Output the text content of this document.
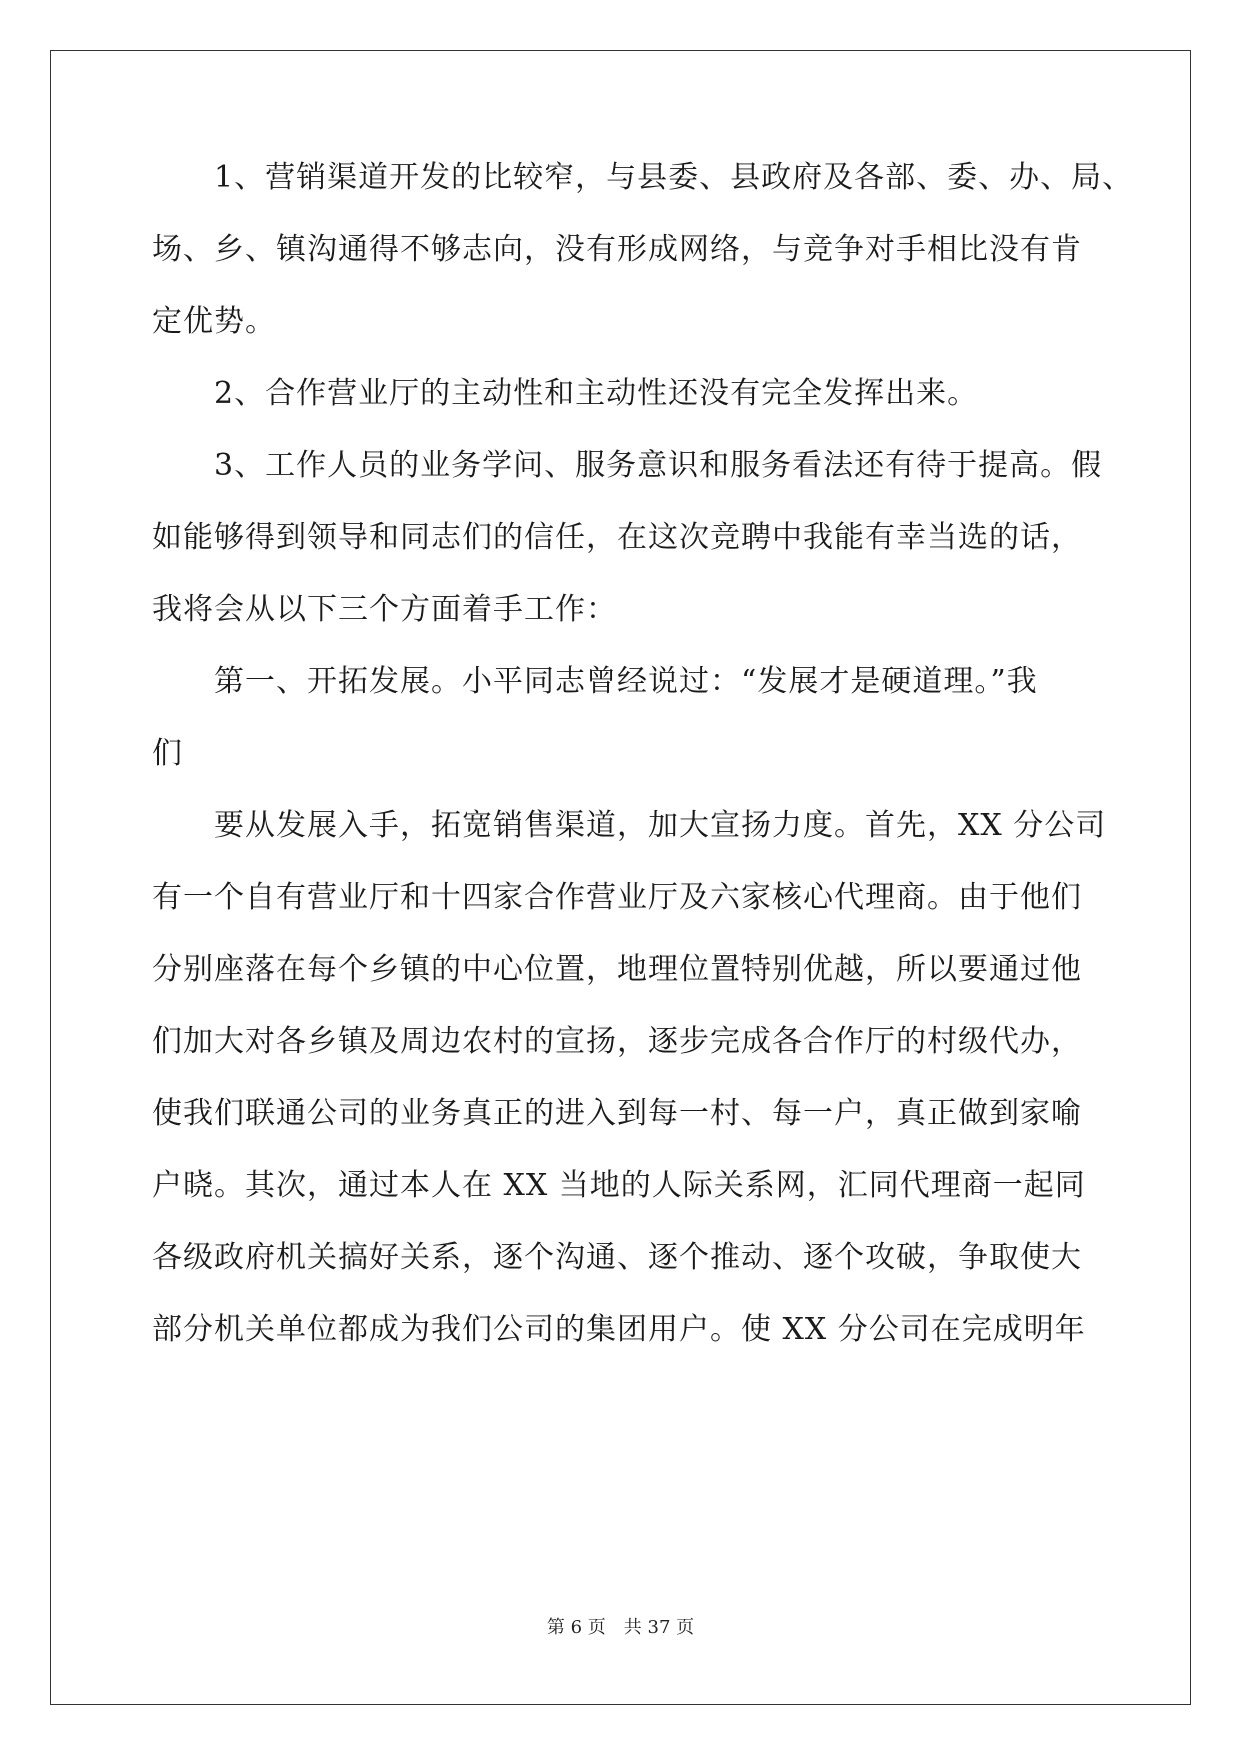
　　1、营销渠道开发的比较窄，与县委、县政府及各部、委、办、局、
场、乡、镇沟通得不够志向，没有形成网络，与竞争对手相比没有肯
定优势。
　　2、合作营业厅的主动性和主动性还没有完全发挥出来。
　　3、工作人员的业务学问、服务意识和服务看法还有待于提高。假
如能够得到领导和同志们的信任，在这次竞聘中我能有幸当选的话，
我将会从以下三个方面着手工作：
　　第一、开拓发展。小平同志曾经说过：“发展才是硬道理。”我
们
　　要从发展入手，拓宽销售渠道，加大宣扬力度。首先，XX 分公司
有一个自有营业厅和十四家合作营业厅及六家核心代理商。由于他们
分别座落在每个乡镇的中心位置，地理位置特别优越，所以要通过他
们加大对各乡镇及周边农村的宣扬，逐步完成各合作厅的村级代办，
使我们联通公司的业务真正的进入到每一村、每一户，真正做到家喻
户晓。其次，通过本人在 XX 当地的人际关系网，汇同代理商一起同
各级政府机关搞好关系，逐个沟通、逐个推动、逐个攻破，争取使大
部分机关单位都成为我们公司的集团用户。使 XX 分公司在完成明年
第 6 页　共 37 页
